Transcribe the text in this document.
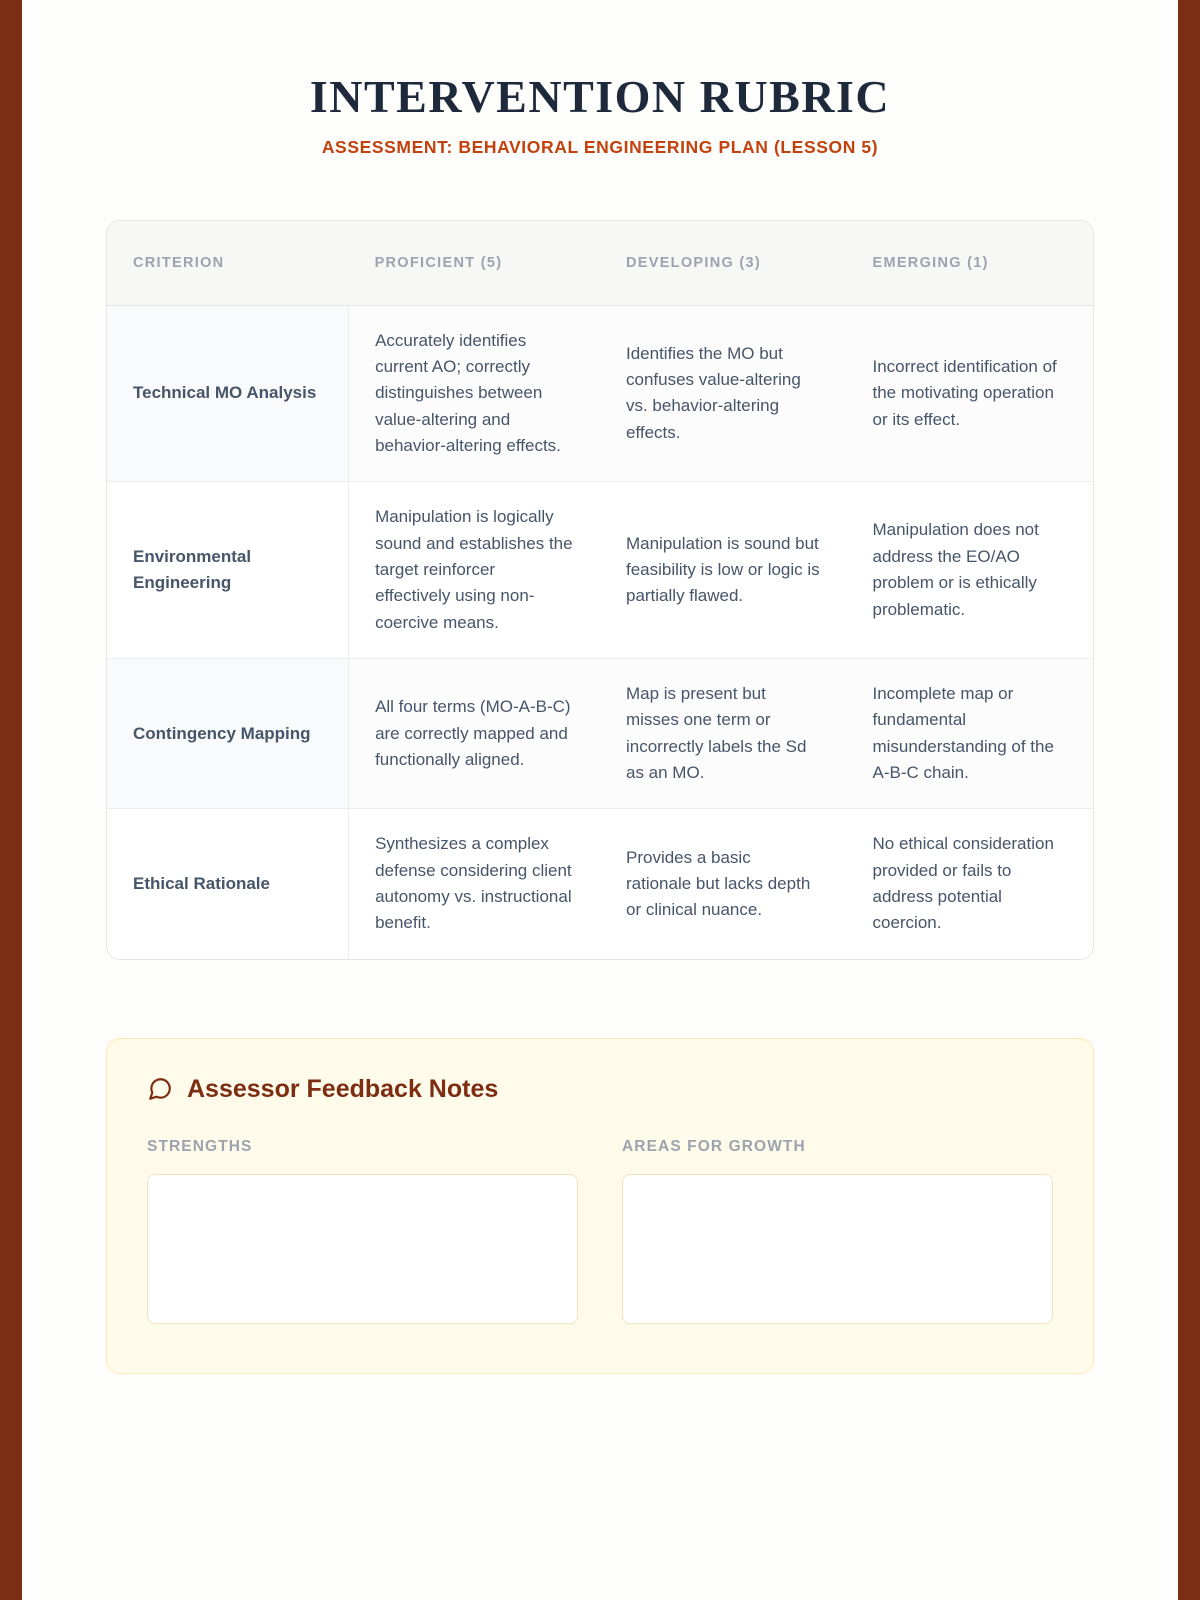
INTERVENTION RUBRIC
ASSESSMENT: BEHAVIORAL ENGINEERING PLAN (LESSON 5)
CRITERION	PROFICIENT (5)	DEVELOPING (3)	EMERGING (1)
Technical MO Analysis	Accurately identifies current AO; correctly distinguishes between value-altering and behavior-altering effects.	Identifies the MO but confuses value-altering vs. behavior-altering effects.	Incorrect identification of the motivating operation or its effect.
Environmental Engineering	Manipulation is logically sound and establishes the target reinforcer effectively using non-coercive means.	Manipulation is sound but feasibility is low or logic is partially flawed.	Manipulation does not address the EO/AO problem or is ethically problematic.
Contingency Mapping	All four terms (MO-A-B-C) are correctly mapped and functionally aligned.	Map is present but misses one term or incorrectly labels the Sd as an MO.	Incomplete map or fundamental misunderstanding of the A-B-C chain.
Ethical Rationale	Synthesizes a complex defense considering client autonomy vs. instructional benefit.	Provides a basic rationale but lacks depth or clinical nuance.	No ethical consideration provided or fails to address potential coercion.
Assessor Feedback Notes
STRENGTHS	AREAS FOR GROWTH
